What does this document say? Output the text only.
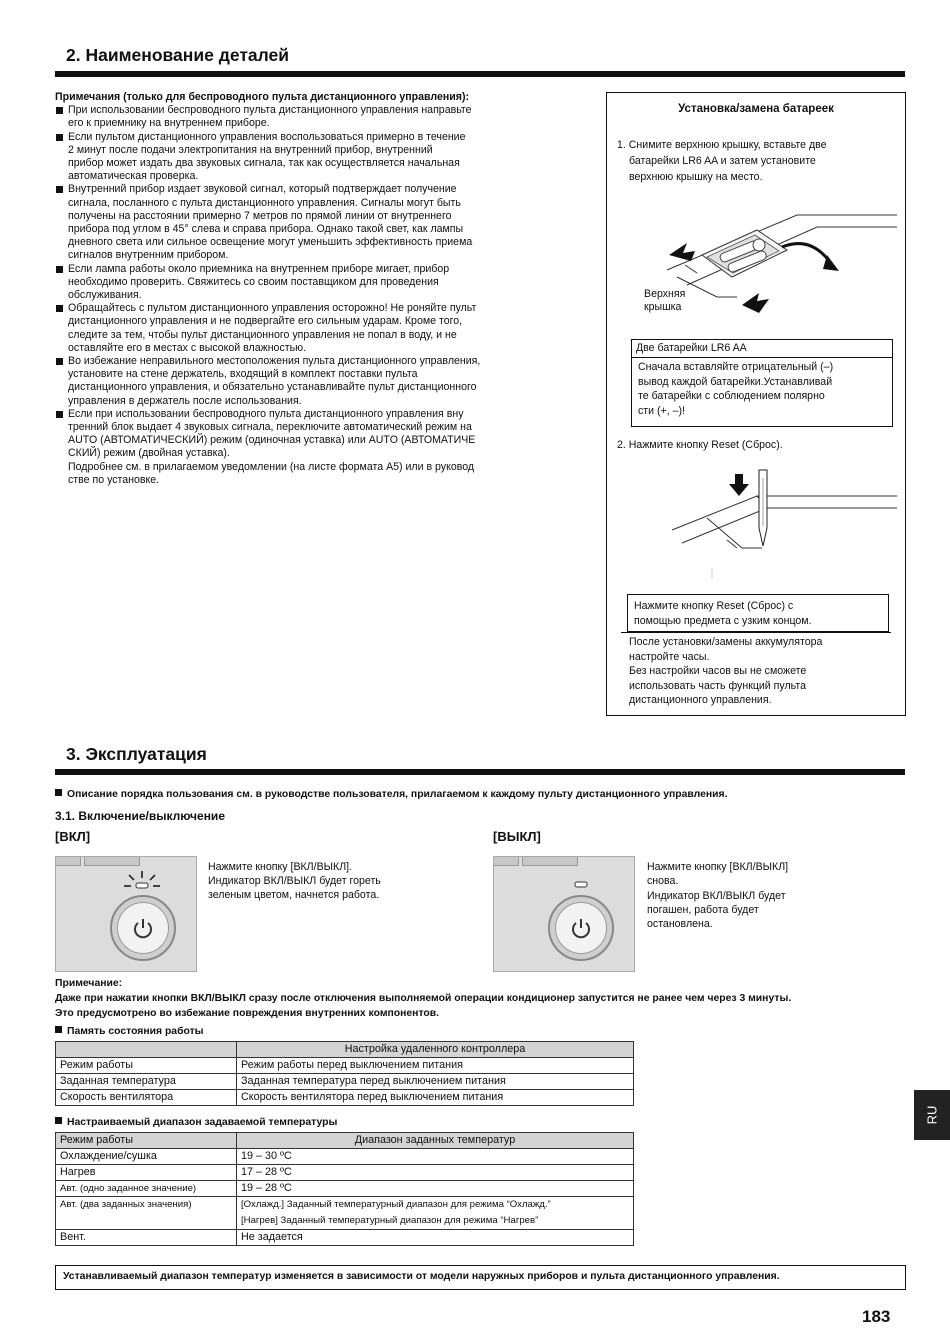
2. Наименование деталей
Примечания (только для беспроводного пульта дистанционного управления):
При использовании беспроводного пульта дистанционного управления направьте
его к приемнику на внутреннем приборе.
Если пультом дистанционного управления воспользоваться примерно в течение
2 минут после подачи электропитания на внутренний прибор, внутренний
прибор может издать два звуковых сигнала, так как осуществляется начальная
автоматическая проверка.
Внутренний прибор издает звуковой сигнал, который подтверждает получение
сигнала, посланного с пульта дистанционного управления. Сигналы могут быть
получены на расстоянии примерно 7 метров по прямой линии от внутреннего
прибора под углом в 45° слева и справа прибора. Однако такой свет, как лампы
дневного света или сильное освещение могут уменьшить эффективность приема
сигналов внутренним прибором.
Если лампа работы около приемника на внутреннем приборе мигает, прибор
необходимо проверить. Свяжитесь со своим поставщиком для проведения
обслуживания.
Обращайтесь с пультом дистанционного управления осторожно! Не роняйте пульт
дистанционного управления и не подвергайте его сильным ударам. Кроме того,
следите за тем, чтобы пульт дистанционного управления не попал в воду, и не
оставляйте его в местах с высокой влажностью.
Во избежание неправильного местоположения пульта дистанционного управления,
установите на стене держатель, входящий в комплект поставки пульта
дистанционного управления, и обязательно устанавливайте пульт дистанционного
управления в держатель после использования.
Если при использовании беспроводного пульта дистанционного управления вну
тренний блок выдает 4 звуковых сигнала, переключите автоматический режим на
AUTO (АВТОМАТИЧЕСКИЙ) режим (одиночная уставка) или AUTO (АВТОМАТИЧЕ
СКИЙ) режим (двойная уставка).
Подробнее см. в прилагаемом уведомлении (на листе формата А5) или в руковод
стве по установке.
Установка/замена батареек
1. Снимите верхнюю крышку, вставьте две
батарейки LR6 AA и затем установите
верхнюю крышку на место.
Верхняя
крышка
Две батарейки LR6 AA
Сначала вставляйте отрицательный (–)
вывод каждой батарейки.Устанавливай
те батарейки с соблюдением полярно
сти (+, –)!
2. Нажмите кнопку Reset (Сброс).
Нажмите кнопку Reset (Сброс) с
помощью предмета с узким концом.
После установки/замены аккумулятора
настройте часы.
Без настройки часов вы не сможете
использовать часть функций пульта
дистанционного управления.
3. Эксплуатация
Описание порядка пользования см. в руководстве пользователя, прилагаемом к каждому пульту дистанционного управления.
3.1. Включение/выключение
[ВКЛ]
Нажмите кнопку [ВКЛ/ВЫКЛ].
Индикатор ВКЛ/ВЫКЛ будет гореть
зеленым цветом, начнется работа.
[ВЫКЛ]
Нажмите кнопку [ВКЛ/ВЫКЛ]
снова.
Индикатор ВКЛ/ВЫКЛ будет
погашен, работа будет
остановлена.
Примечание:
Даже при нажатии кнопки ВКЛ/ВЫКЛ сразу после отключения выполняемой операции кондиционер запустится не ранее чем через 3 минуты.
Это предусмотрено во избежание повреждения внутренних компонентов.
Память состояния работы
	Настройка удаленного контроллера
Режим работы	Режим работы перед выключением питания
Заданная температура	Заданная температура перед выключением питания
Скорость вентилятора	Скорость вентилятора перед выключением питания
Настраиваемый диапазон задаваемой температуры
Режим работы	Диапазон заданных температур
Охлаждение/сушка	19 – 30 ºC
Нагрев	17 – 28 ºC
Авт. (одно заданное значение)	19 – 28 ºC
Авт. (два заданных значения)	[Охлажд.] Заданный температурный диапазон для режима “Охлажд.”
[Нагрев] Заданный температурный диапазон для режима “Нагрев”

Вент.	Не задается
Устанавливаемый диапазон температур изменяется в зависимости от модели наружных приборов и пульта дистанционного управления.
RU
183
